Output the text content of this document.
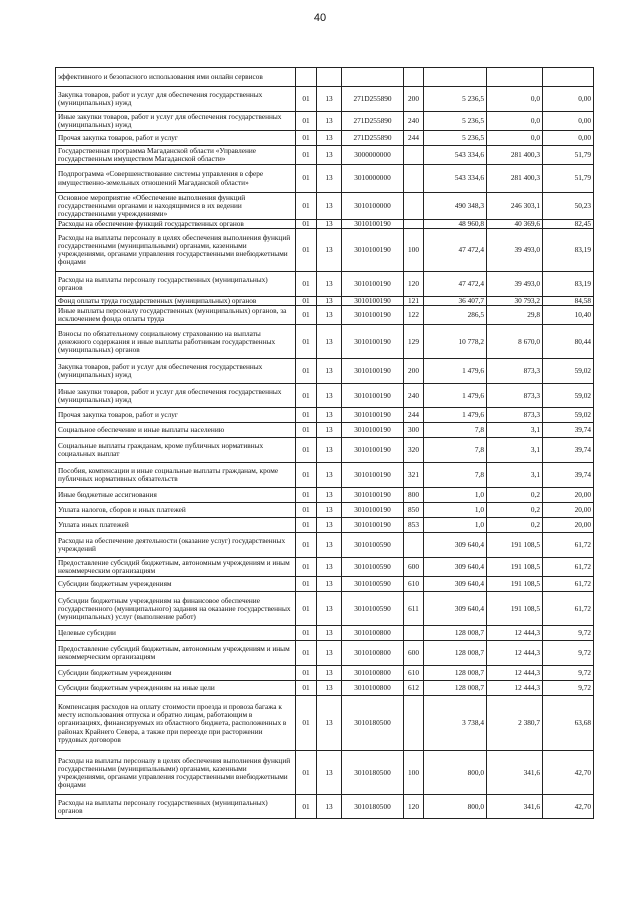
40
эффективного и безопасного использования ими онлайн сервисов							
Закупка товаров, работ и услуг для обеспечения государственных (муниципальных) нужд	01	13	271D255890	200	5 236,5	0,0	0,00
Иные закупки товаров, работ и услуг для обеспечения государственных (муниципальных) нужд	01	13	271D255890	240	5 236,5	0,0	0,00
Прочая закупка товаров, работ и услуг	01	13	271D255890	244	5 236,5	0,0	0,00
Государственная программа Магаданской области «Управление государственным имуществом Магаданской области»	01	13	3000000000		543 334,6	281 400,3	51,79
Подпрограмма «Совершенствование системы управления в сфере имущественно-земельных отношений Магаданской области»	01	13	3010000000		543 334,6	281 400,3	51,79
Основное мероприятие «Обеспечение выполнения функций государственными органами и находящимися в их ведении государственными учреждениями»	01	13	3010100000		490 348,3	246 303,1	50,23
Расходы на обеспечение функций государственных органов	01	13	3010100190		48 960,8	40 369,6	82,45
Расходы на выплаты персоналу в целях обеспечения выполнения функций государственными (муниципальными) органами, казенными учреждениями, органами управления государственными внебюджетными фондами	01	13	3010100190	100	47 472,4	39 493,0	83,19
Расходы на выплаты персоналу государственных (муниципальных) органов	01	13	3010100190	120	47 472,4	39 493,0	83,19
Фонд оплаты труда государственных (муниципальных) органов	01	13	3010100190	121	36 407,7	30 793,2	84,58
Иные выплаты персоналу государственных (муниципальных) органов, за исключением фонда оплаты труда	01	13	3010100190	122	286,5	29,8	10,40
Взносы по обязательному социальному страхованию на выплаты денежного содержания и иные выплаты работникам государственных (муниципальных) органов	01	13	3010100190	129	10 778,2	8 670,0	80,44
Закупка товаров, работ и услуг для обеспечения государственных (муниципальных) нужд	01	13	3010100190	200	1 479,6	873,3	59,02
Иные закупки товаров, работ и услуг для обеспечения государственных (муниципальных) нужд	01	13	3010100190	240	1 479,6	873,3	59,02
Прочая закупка товаров, работ и услуг	01	13	3010100190	244	1 479,6	873,3	59,02
Социальное обеспечение и иные выплаты населению	01	13	3010100190	300	7,8	3,1	39,74
Социальные выплаты гражданам, кроме публичных нормативных социальных выплат	01	13	3010100190	320	7,8	3,1	39,74
Пособия, компенсации и иные социальные выплаты гражданам, кроме публичных нормативных обязательств	01	13	3010100190	321	7,8	3,1	39,74
Иные бюджетные ассигнования	01	13	3010100190	800	1,0	0,2	20,00
Уплата налогов, сборов и иных платежей	01	13	3010100190	850	1,0	0,2	20,00
Уплата иных платежей	01	13	3010100190	853	1,0	0,2	20,00
Расходы на обеспечение деятельности (оказание услуг) государственных учреждений	01	13	3010100590		309 640,4	191 108,5	61,72
Предоставление субсидий бюджетным, автономным учреждениям и иным некоммерческим организациям	01	13	3010100590	600	309 640,4	191 108,5	61,72
Субсидии бюджетным учреждениям	01	13	3010100590	610	309 640,4	191 108,5	61,72
Субсидии бюджетным учреждениям на финансовое обеспечение государственного (муниципального) задания на оказание государственных (муниципальных) услуг (выполнение работ)	01	13	3010100590	611	309 640,4	191 108,5	61,72
Целевые субсидии	01	13	3010100800		128 008,7	12 444,3	9,72
Предоставление субсидий бюджетным, автономным учреждениям и иным некоммерческим организациям	01	13	3010100800	600	128 008,7	12 444,3	9,72
Субсидии бюджетным учреждениям	01	13	3010100800	610	128 008,7	12 444,3	9,72
Субсидии бюджетным учреждениям на иные цели	01	13	3010100800	612	128 008,7	12 444,3	9,72
Компенсация расходов на оплату стоимости проезда и провоза багажа к месту использования отпуска и обратно лицам, работающим в организациях, финансируемых из областного бюджета, расположенных в районах Крайнего Севера, а также при переезде при расторжении трудовых договоров	01	13	3010180500		3 738,4	2 380,7	63,68
Расходы на выплаты персоналу в целях обеспечения выполнения функций государственными (муниципальными) органами, казенными учреждениями, органами управления государственными внебюджетными фондами	01	13	3010180500	100	800,0	341,6	42,70
Расходы на выплаты персоналу государственных (муниципальных) органов	01	13	3010180500	120	800,0	341,6	42,70
